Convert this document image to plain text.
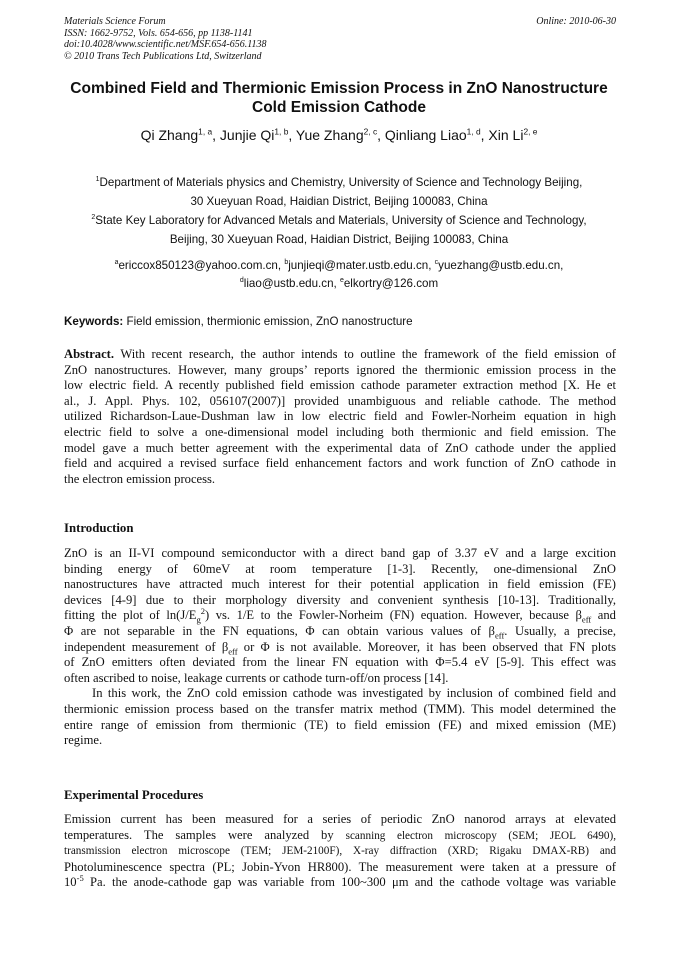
Materials Science Forum
ISSN: 1662-9752, Vols. 654-656, pp 1138-1141
doi:10.4028/www.scientific.net/MSF.654-656.1138
© 2010 Trans Tech Publications Ltd, Switzerland
Online: 2010-06-30
Combined Field and Thermionic Emission Process in ZnO Nanostructure
Cold Emission Cathode
Qi Zhang$^{1, a}$, Junjie Qi$^{1, b}$, Yue Zhang$^{2, c}$, Qinliang Liao$^{1, d}$, Xin Li$^{2, e}$
$^1$Department of Materials physics and Chemistry, University of Science and Technology Beijing,
30 Xueyuan Road, Haidian District, Beijing 100083, China
$^2$State Key Laboratory for Advanced Metals and Materials, University of Science and Technology,
Beijing, 30 Xueyuan Road, Haidian District, Beijing 100083, China
$^a$ericcox850123@yahoo.com.cn, $^b$junjieqi@mater.ustb.edu.cn, $^c$yuezhang@ustb.edu.cn,
$^d$liao@ustb.edu.cn, $^e$elkortry@126.com
Keywords: Field emission, thermionic emission, ZnO nanostructure
Abstract. With recent research, the author intends to outline the framework of the field emission of
ZnO nanostructures. However, many groups’ reports ignored the thermionic emission process in the
low electric field. A recently published field emission cathode parameter extraction method [X. He et
al., J. Appl. Phys. 102, 056107(2007)] provided unambiguous and reliable cathode. The method
utilized Richardson-Laue-Dushman law in low electric field and Fowler-Norheim equation in high
electric field to solve a one-dimensional model including both thermionic and field emission. The
model gave a much better agreement with the experimental data of ZnO cathode under the applied
field and acquired a revised surface field enhancement factors and work function of ZnO cathode in
the electron emission process.
Introduction
ZnO is an II-VI compound semiconductor with a direct band gap of 3.37 eV and a large excition
binding energy of 60meV at room temperature [1-3]. Recently, one-dimensional ZnO
nanostructures have attracted much interest for their potential application in field emission (FE)
devices [4-9] due to their morphology diversity and convenient synthesis [10-13]. Traditionally,
fitting the plot of $\ln(J/E_g^2)$ vs. 1/E to the Fowler-Norheim (FN) equation. However, because $\beta_{eff}$ and
Φ are not separable in the FN equations, Φ can obtain various values of $\beta_{eff}$. Usually, a precise,
independent measurement of $\beta_{eff}$ or Φ is not available. Moreover, it has been observed that FN plots
of ZnO emitters often deviated from the linear FN equation with Φ=5.4 eV [5-9]. This effect was
often ascribed to noise, leakage currents or cathode turn-off/on process [14].
In this work, the ZnO cold emission cathode was investigated by inclusion of combined field and
thermionic emission process based on the transfer matrix method (TMM). This model determined the
entire range of emission from thermionic (TE) to field emission (FE) and mixed emission (ME)
regime.
Experimental Procedures
Emission current has been measured for a series of periodic ZnO nanorod arrays at elevated
temperatures. The samples were analyzed by scanning electron microscopy (SEM; JEOL 6490),
transmission electron microscope (TEM; JEM-2100F), X-ray diffraction (XRD; Rigaku DMAX-RB) and
Photoluminescence spectra (PL; Jobin-Yvon HR800). The measurement were taken at a pressure of
$10^{-5}$ Pa. the anode-cathode gap was variable from 100~300 μm and the cathode voltage was variable
